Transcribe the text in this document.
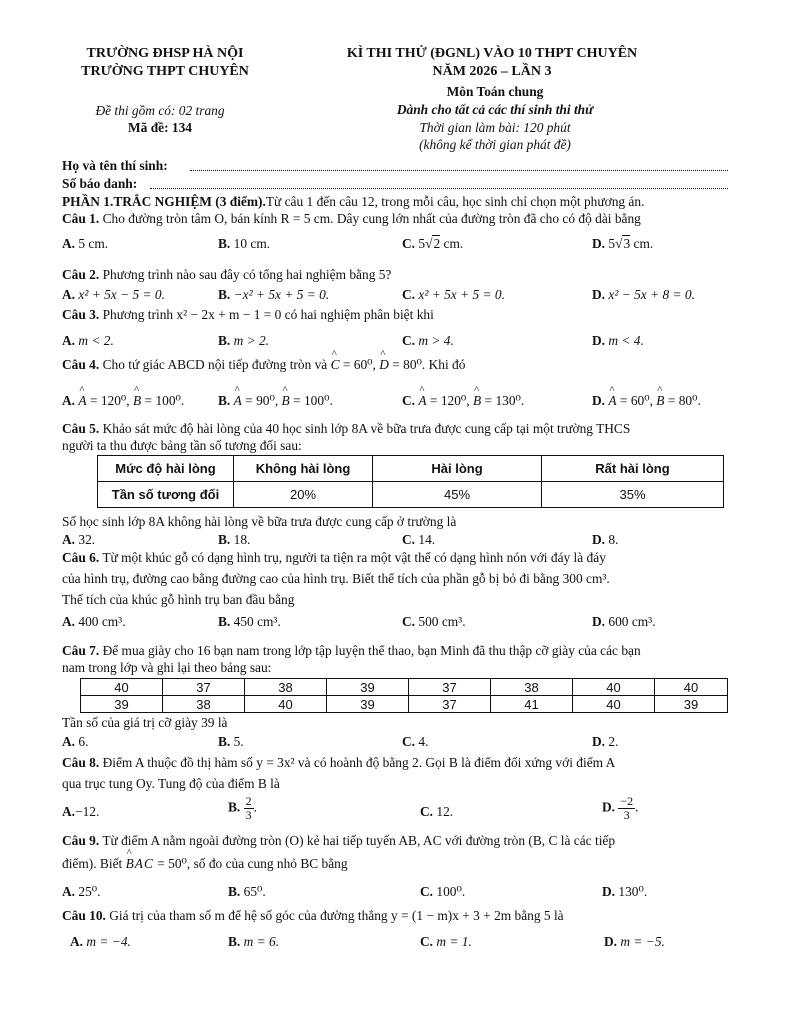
TRƯỜNG ĐHSP HÀ NỘI
TRƯỜNG THPT CHUYÊN
Đề thi gồm có: 02 trang
Mã đề: 134
KÌ THI THỬ (ĐGNL) VÀO 10 THPT CHUYÊN
NĂM 2026 – LẦN 3
Môn Toán chung
Dành cho tất cả các thí sinh thi thử
Thời gian làm bài: 120 phút
(không kể thời gian phát đề)
Họ và tên thí sinh:
Số báo danh:
PHẦN 1.TRẮC NGHIỆM (3 điểm).Từ câu 1 đến câu 12, trong mỗi câu, học sinh chỉ chọn một phương án.
Câu 1. Cho đường tròn tâm O, bán kính R = 5 cm. Dây cung lớn nhất của đường tròn đã cho có độ dài bằng
A. 5 cm.	B. 10 cm.	C. 5√2 cm.	D. 5√3 cm.
Câu 2. Phương trình nào sau đây có tổng hai nghiệm bằng 5?
A. x² + 5x − 5 = 0.	B. −x² + 5x + 5 = 0.	C. x² + 5x + 5 = 0.	D. x² − 5x + 8 = 0.
Câu 3. Phương trình x² − 2x + m − 1 = 0 có hai nghiệm phân biệt khi
A. m < 2.	B. m > 2.	C. m > 4.	D. m < 4.
Câu 4. Cho tứ giác ABCD nội tiếp đường tròn và ^ C = 60⁰, ^ D = 80⁰. Khi đó
A. ^ A = 120⁰, ^ B = 100⁰.	B. ^ A = 90⁰, ^ B = 100⁰.	C. ^ A = 120⁰, ^ B = 130⁰.	D. ^ A = 60⁰, ^ B = 80⁰.
Câu 5. Khảo sát mức độ hài lòng của 40 học sinh lớp 8A về bữa trưa được cung cấp tại một trường THCS
người ta thu được bảng tần số tương đối sau:
Mức độ hài lòng	Không hài lòng	Hài lòng	Rất hài lòng
Tần số tương đối	20%	45%	35%
Số học sinh lớp 8A không hài lòng về bữa trưa được cung cấp ở trường là
A. 32.	B. 18.	C. 14.	D. 8.
Câu 6. Từ một khúc gỗ có dạng hình trụ, người ta tiện ra một vật thể có dạng hình nón với đáy là đáy
của hình trụ, đường cao bằng đường cao của hình trụ. Biết thể tích của phần gỗ bị bỏ đi bằng 300 cm³.
Thể tích của khúc gỗ hình trụ ban đầu bằng
A. 400 cm³.	B. 450 cm³.	C. 500 cm³.	D. 600 cm³.
Câu 7. Để mua giày cho 16 bạn nam trong lớp tập luyện thể thao, bạn Minh đã thu thập cỡ giày của các bạn
nam trong lớp và ghi lại theo bảng sau:
40	37	38	39	37	38	40	40
39	38	40	39	37	41	40	39
Tần số của giá trị cỡ giày 39 là
A. 6.	B. 5.	C. 4.	D. 2.
Câu 8. Điểm A thuộc đồ thị hàm số y = 3x² và có hoành độ bằng 2. Gọi B là điểm đối xứng với điểm A
qua trục tung Oy. Tung độ của điểm B là
A.−12.	B. $\frac{2}{3}$ .	C. 12.	D. $\frac{-2}{3}$ .
Câu 9. Từ điểm A nằm ngoài đường tròn (O) kẻ hai tiếp tuyến AB, AC với đường tròn (B, C là các tiếp
điểm). Biết ^ BAC = 50⁰, số đo của cung nhỏ BC bằng
A. 25⁰.	B. 65⁰.	C. 100⁰.	D. 130⁰.
Câu 10. Giá trị của tham số m để hệ số góc của đường thẳng y = (1 − m)x + 3 + 2m bằng 5 là
A. m = −4.	B. m = 6.	C. m = 1.	D. m = −5.
